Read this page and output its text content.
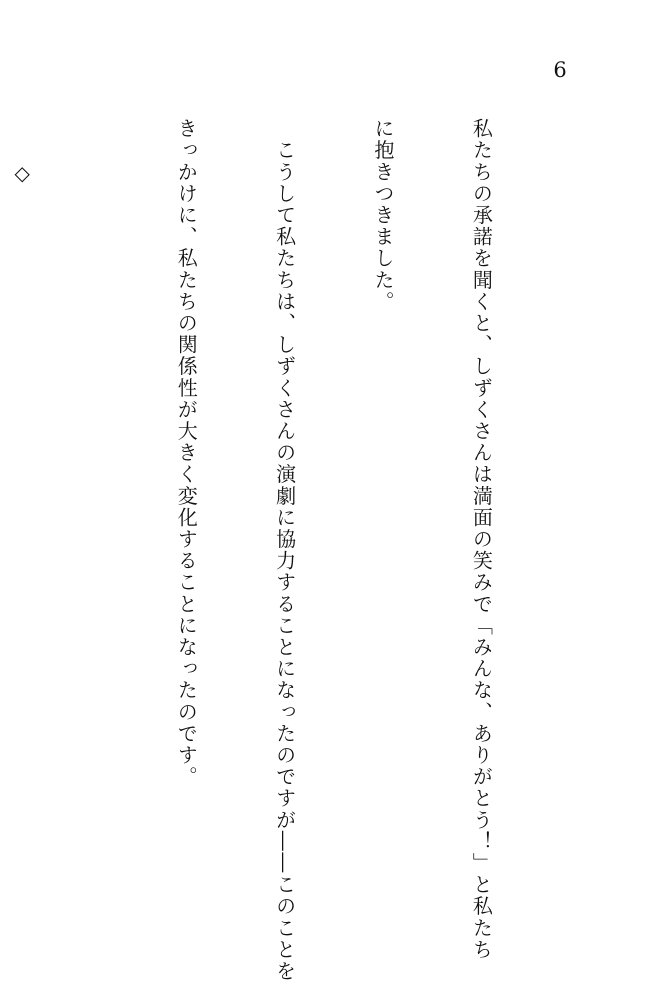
6

私たちの承諾を聞くと、しずくさんは満面の笑みで「みんな、ありがとう！」と私たち

に抱きつきました。

　こうして私たちは、しずくさんの演劇に協力することになったのですが――このことを

きっかけに、私たちの関係性が大きく変化することになったのです。

　　◇
